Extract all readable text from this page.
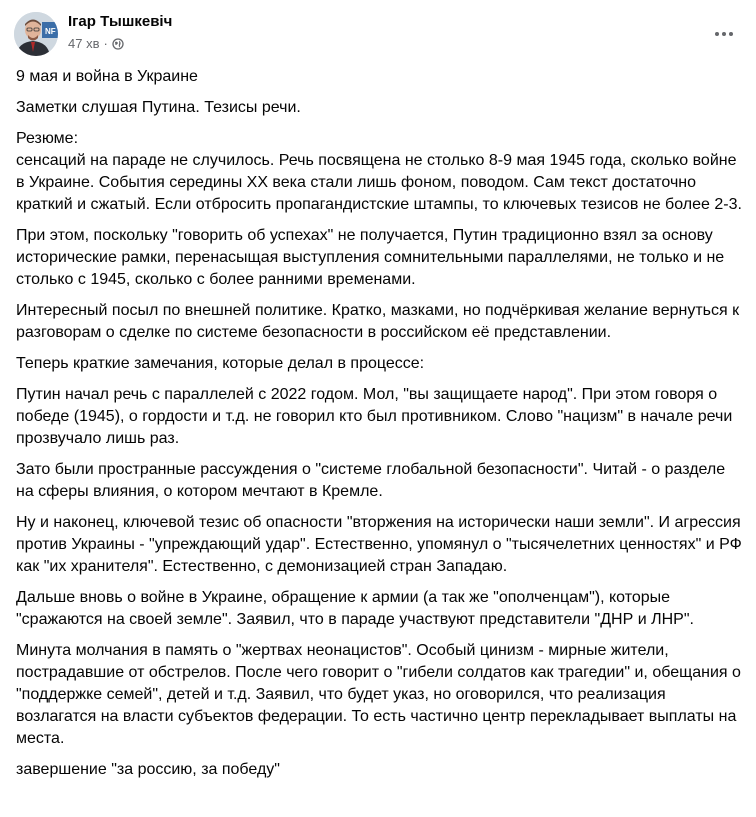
NF
Ігар Тышкевіч
47 хв ·

9 мая и война в Украине

Заметки слушая Путина. Тезисы речи.

Резюме:
сенсаций на параде не случилось. Речь посвящена не столько 8-9 мая 1945 года, сколько войне в Украине. События середины XX века стали лишь фоном, поводом. Сам текст достаточно краткий и сжатый. Если отбросить пропагандистские штампы, то ключевых тезисов не более 2-3.

При этом, поскольку "говорить об успехах" не получается, Путин традиционно взял за основу исторические рамки, перенасыщая выступления сомнительными параллелями, не только и не столько с 1945, сколько с более ранними временами.

Интересный посыл по внешней политике. Кратко, мазками, но подчёркивая желание вернуться к разговорам о сделке по системе безопасности в российском её представлении.

Теперь краткие замечания, которые делал в процессе:

Путин начал речь с параллелей с 2022 годом. Мол, "вы защищаете народ". При этом говоря о победе (1945), о гордости и т.д. не говорил кто был противником. Слово "нацизм" в начале речи прозвучало лишь раз.

Зато были пространные рассуждения о "системе глобальной безопасности". Читай - о разделе на сферы влияния, о котором мечтают в Кремле.

Ну и наконец, ключевой тезис об опасности "вторжения на исторически наши земли". И агрессия против Украины - "упреждающий удар". Естественно, упомянул о "тысячелетних ценностях" и РФ как "их хранителя". Естественно, с демонизацией стран Западаю.

Дальше вновь о войне в Украине, обращение к армии (а так же "ополченцам"), которые "сражаются на своей земле". Заявил, что в параде участвуют представители "ДНР и ЛНР".

Минута молчания в память о "жертвах неонацистов". Особый цинизм - мирные жители, пострадавшие от обстрелов. После чего говорит о "гибели солдатов как трагедии" и, обещания о "поддержке семей", детей и т.д. Заявил, что будет указ, но оговорился, что реализация возлагатся на власти субъектов федерации. То есть частично центр перекладывает выплаты на места.

завершение "за россию, за победу"
